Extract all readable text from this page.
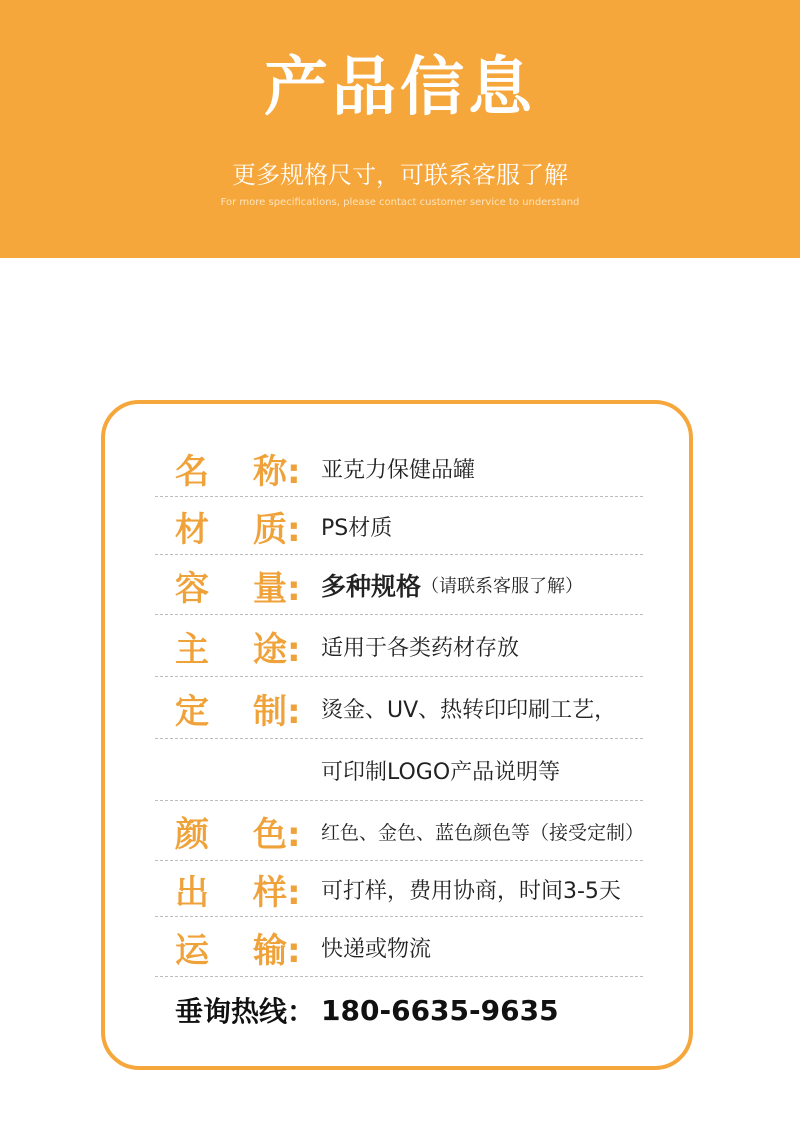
产品信息
更多规格尺寸，可联系客服了解
For more specifications, please contact customer service to understand
名	称: 亚克力保健品罐
材	质: PS材质
容	量: 多种规格 （请联系客服了解）
主	途: 适用于各类药材存放
定	制: 烫金、UV、热转印印刷工艺，
可印制LOGO产品说明等
颜	色: 红色、金色、蓝色颜色等（接受定制）
出	样: 可打样，费用协商，时间3-5天
运	输: 快递或物流
垂询热线： 180-6635-9635
